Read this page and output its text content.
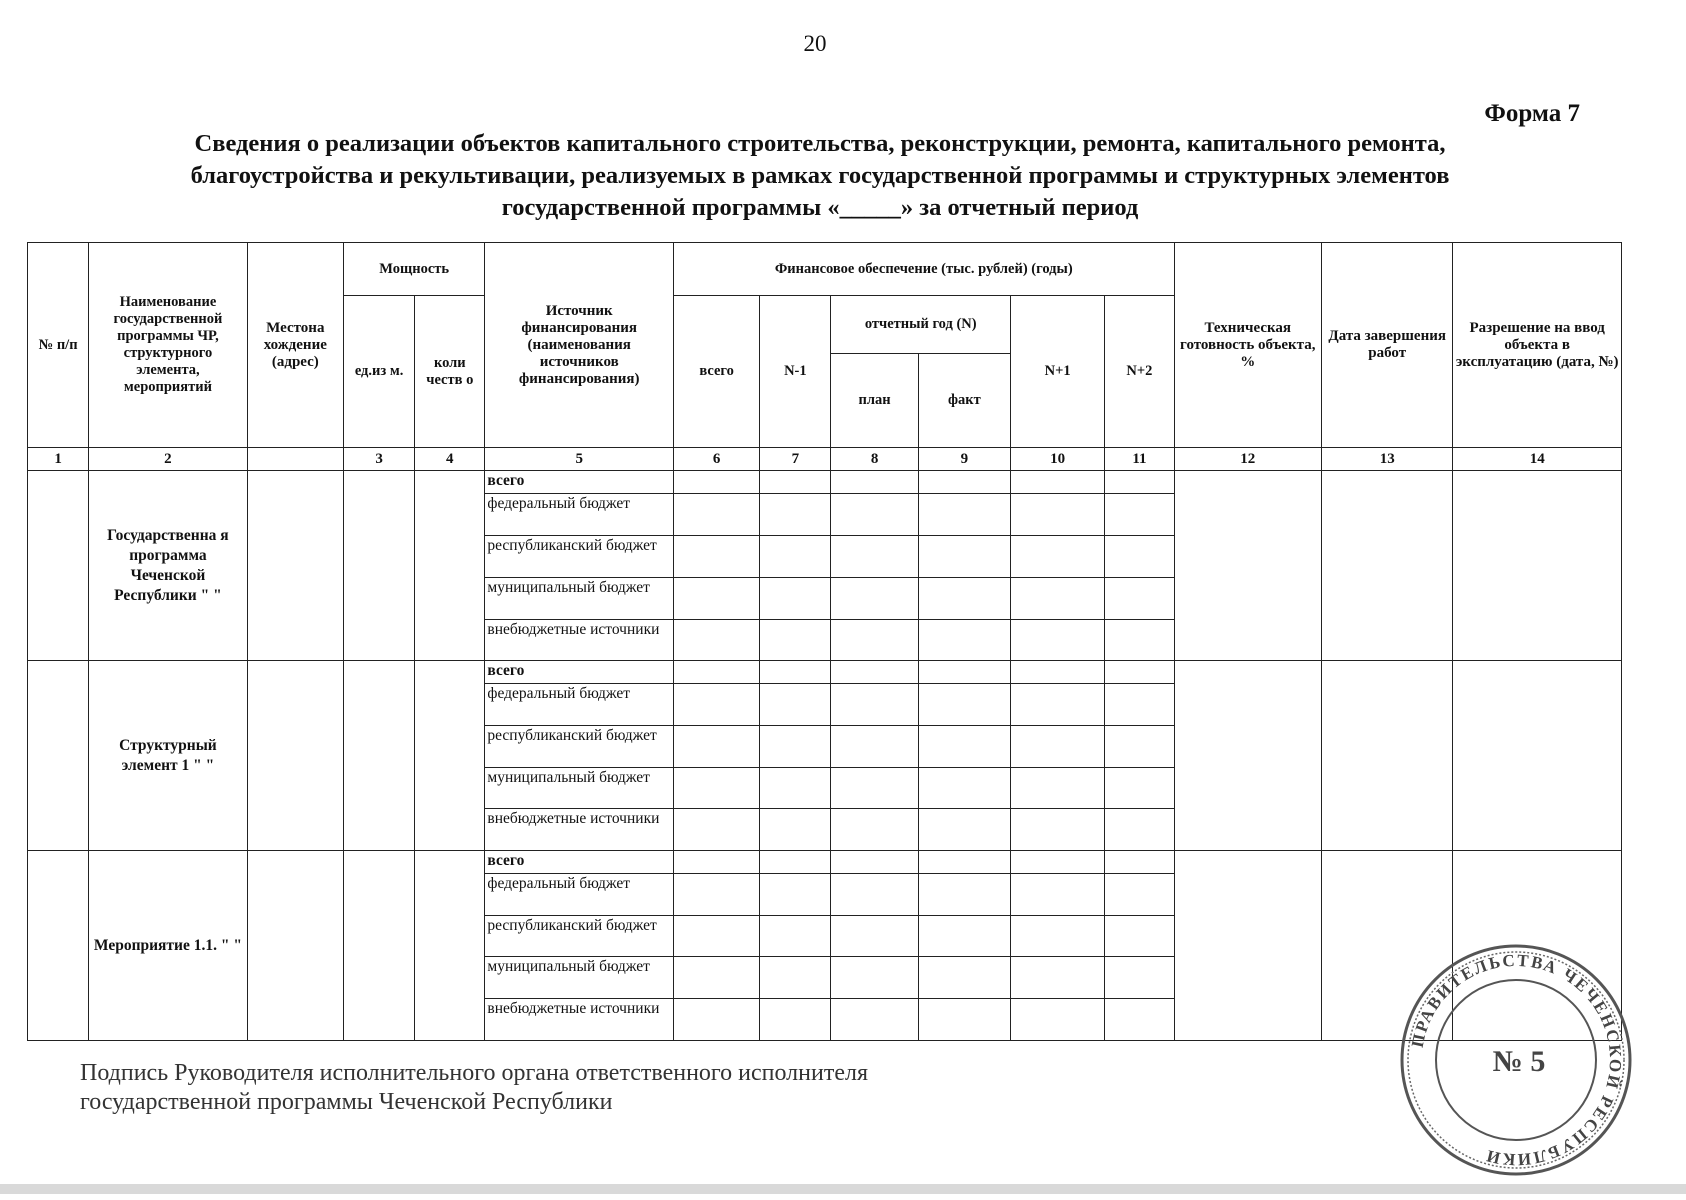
20
Форма 7
Сведения о реализации объектов капитального строительства, реконструкции, ремонта, капитального ремонта,
благоустройства и рекультивации, реализуемых в рамках государственной программы и структурных элементов
государственной программы «_____» за отчетный период
№ п/п	Наименование государственной программы ЧР, структурного элемента, мероприятий	Местона хождение (адрес)	Мощность		Источник финансирования (наименования источников финансирования)	Финансовое обеспечение (тыс. рублей) (годы)						Техническая готовность объекта, %	Дата завершения работ	Разрешение на ввод объекта в эксплуатацию (дата, №)
			ед.из м.	коли честв о		всего	N-1	отчетный год (N)		N+1	N+2			
								план	факт					
1	2		3	4	5	6	7	8	9	10	11	12	13	14
	Государственна я программа Чеченской Республики " "				всего									
					федеральный бюджет									
					республиканский бюджет									
					муниципальный бюджет									
					внебюджетные источники									
	Структурный элемент 1 " "				всего									
					федеральный бюджет									
					республиканский бюджет									
					муниципальный бюджет									
					внебюджетные источники									
	Мероприятие 1.1. " "				всего									
					федеральный бюджет									
					республиканский бюджет									
					муниципальный бюджет									
					внебюджетные источники									
Подпись Руководителя исполнительного органа ответственного исполнителя
государственной программы Чеченской Республики
ПРАВИТЕЛЬСТВА ЧЕЧЕНСКОЙ РЕСПУБЛИКИ
№ 5
